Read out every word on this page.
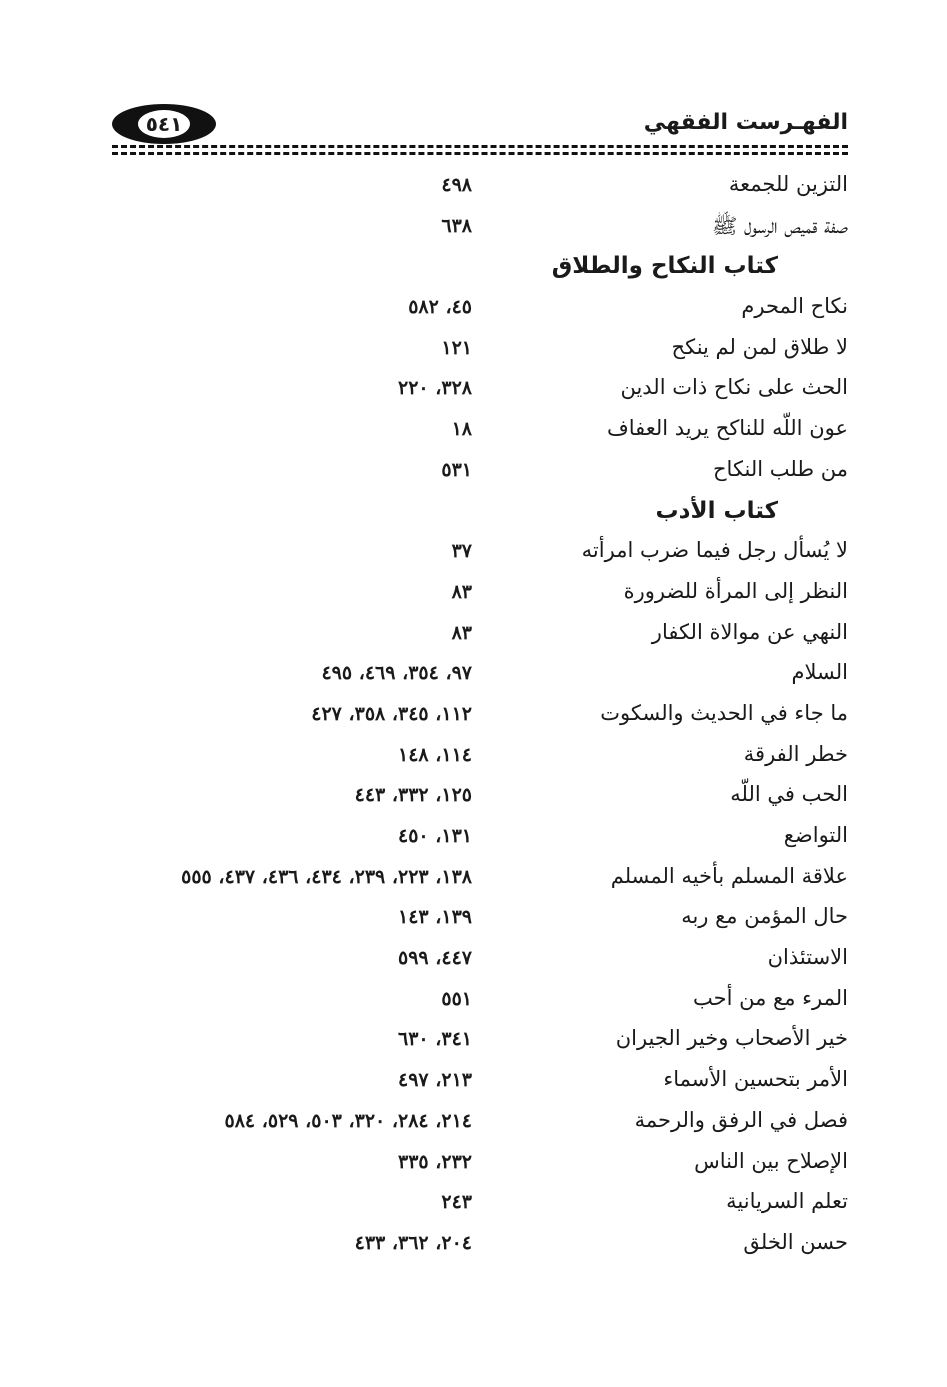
٥٤١	الفهـرست الفقهي
التزين للجمعة
٤٩٨
صفة قميص الرسول ﷺ
٦٣٨
كتاب النكاح والطلاق
نكاح المحرم
٤٥، ٥٨٢
لا طلاق لمن لم ينكح
١٢١
الحث على نكاح ذات الدين
٣٢٨، ٢٢٠
عون اللّه للناكح يريد العفاف
١٨
من طلب النكاح
٥٣١
كتاب الأدب
لا يُسأل رجل فيما ضرب امرأته
٣٧
النظر إلى المرأة للضرورة
٨٣
النهي عن موالاة الكفار
٨٣
السلام
٩٧، ٣٥٤، ٤٦٩، ٤٩٥
ما جاء في الحديث والسكوت
١١٢، ٣٤٥، ٣٥٨، ٤٢٧
خطر الفرقة
١١٤، ١٤٨
الحب في اللّه
١٢٥، ٣٣٢، ٤٤٣
التواضع
١٣١، ٤٥٠
علاقة المسلم بأخيه المسلم
١٣٨، ٢٢٣، ٢٣٩، ٤٣٤، ٤٣٦، ٤٣٧، ٥٥٥
حال المؤمن مع ربه
١٣٩، ١٤٣
الاستئذان
٤٤٧، ٥٩٩
المرء مع من أحب
٥٥١
خير الأصحاب وخير الجيران
٣٤١، ٦٣٠
الأمر بتحسين الأسماء
٢١٣، ٤٩٧
فصل في الرفق والرحمة
٢١٤، ٢٨٤، ٣٢٠، ٥٠٣، ٥٢٩، ٥٨٤
الإصلاح بين الناس
٢٣٢، ٣٣٥
تعلم السريانية
٢٤٣
حسن الخلق
٢٠٤، ٣٦٢، ٤٣٣
